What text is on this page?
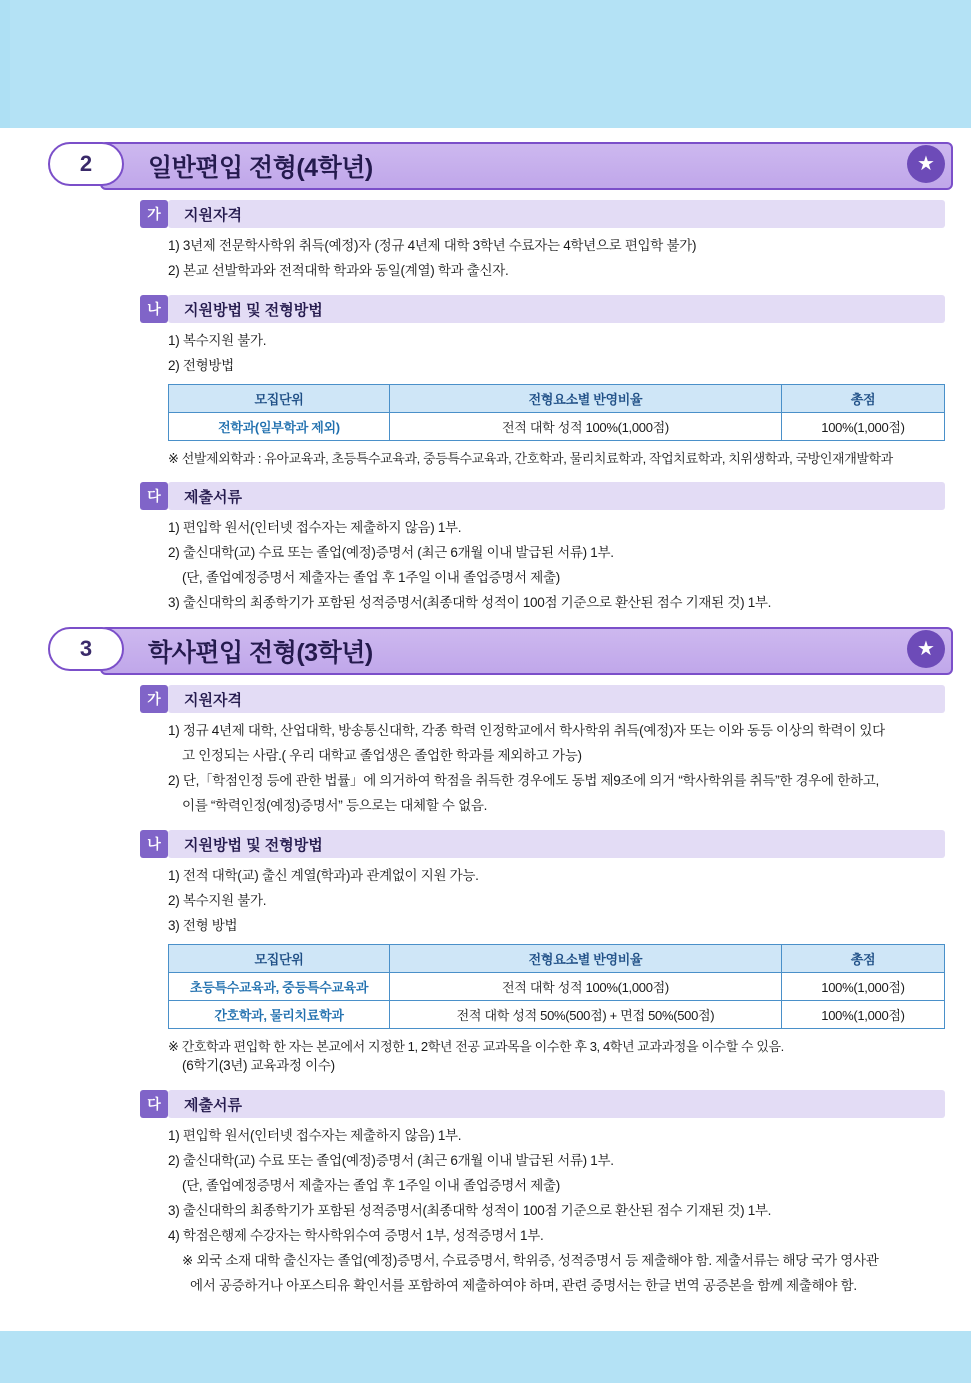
2	일반편입 전형(4학년)	★
가	지원자격

1) 3년제 전문학사학위 취득(예정)자 (정규 4년제 대학 3학년 수료자는 4학년으로 편입학 불가)

2) 본교 선발학과와 전적대학 학과와 동일(계열) 학과 출신자.

나	지원방법 및 전형방법

1) 복수지원 불가.

2) 전형방법

모집단위	전형요소별 반영비율	총점
전학과(일부학과 제외)	전적 대학 성적 100%(1,000점)	100%(1,000점)

※ 선발제외학과 : 유아교육과, 초등특수교육과, 중등특수교육과, 간호학과, 물리치료학과, 작업치료학과, 치위생학과, 국방인재개발학과

다	제출서류

1) 편입학 원서(인터넷 접수자는 제출하지 않음) 1부.

2) 출신대학(교) 수료 또는 졸업(예정)증명서 (최근 6개월 이내 발급된 서류) 1부.

(단, 졸업예정증명서 제출자는 졸업 후 1주일 이내 졸업증명서 제출)

3) 출신대학의 최종학기가 포함된 성적증명서(최종대학 성적이 100점 기준으로 환산된 점수 기재된 것) 1부.

3	학사편입 전형(3학년)	★
가	지원자격

1) 정규 4년제 대학, 산업대학, 방송통신대학, 각종 학력 인정학교에서 학사학위 취득(예정)자 또는 이와 동등 이상의 학력이 있다

고 인정되는 사람.( 우리 대학교 졸업생은 졸업한 학과를 제외하고 가능)

2) 단,「학점인정 등에 관한 법률」에 의거하여 학점을 취득한 경우에도 동법 제9조에 의거 “학사학위를 취득”한 경우에 한하고,

이를 “학력인정(예정)증명서” 등으로는 대체할 수 없음.

나	지원방법 및 전형방법

1) 전적 대학(교) 출신 계열(학과)과 관계없이 지원 가능.

2) 복수지원 불가.

3) 전형 방법

모집단위	전형요소별 반영비율	총점
초등특수교육과, 중등특수교육과	전적 대학 성적 100%(1,000점)	100%(1,000점)
간호학과, 물리치료학과	전적 대학 성적 50%(500점) + 면접 50%(500점)	100%(1,000점)

※ 간호학과 편입학 한 자는 본교에서 지정한 1, 2학년 전공 교과목을 이수한 후 3, 4학년 교과과정을 이수할 수 있음.

(6학기(3년) 교육과정 이수)

다	제출서류

1) 편입학 원서(인터넷 접수자는 제출하지 않음) 1부.

2) 출신대학(교) 수료 또는 졸업(예정)증명서 (최근 6개월 이내 발급된 서류) 1부.

(단, 졸업예정증명서 제출자는 졸업 후 1주일 이내 졸업증명서 제출)

3) 출신대학의 최종학기가 포함된 성적증명서(최종대학 성적이 100점 기준으로 환산된 점수 기재된 것) 1부.

4) 학점은행제 수강자는 학사학위수여 증명서 1부, 성적증명서 1부.

※ 외국 소재 대학 출신자는 졸업(예정)증명서, 수료증명서, 학위증, 성적증명서 등 제출해야 함. 제출서류는 해당 국가 영사관

에서 공증하거나 아포스티유 확인서를 포함하여 제출하여야 하며, 관련 증명서는 한글 번역 공증본을 함께 제출해야 함.
